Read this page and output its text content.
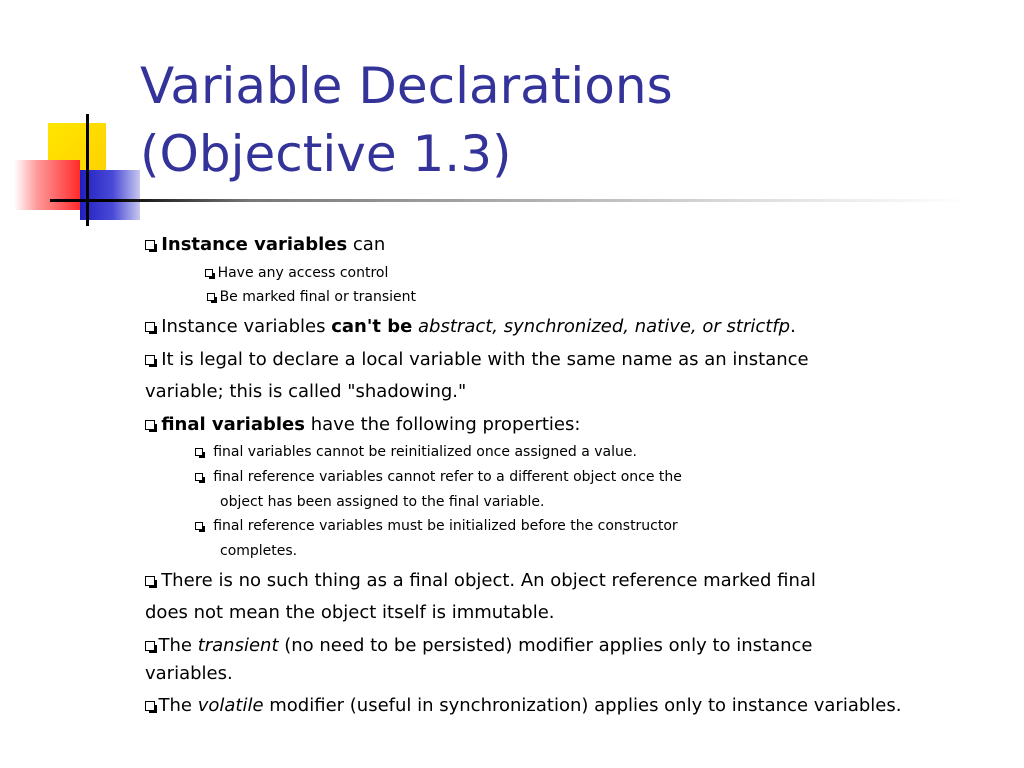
Variable Declarations
(Objective 1.3)
Instance variables can
Have any access control
Be marked final or transient
Instance variables can't be abstract, synchronized, native, or strictfp.
It is legal to declare a local variable with the same name as an instance
variable; this is called "shadowing."
final variables have the following properties:
final variables cannot be reinitialized once assigned a value.
final reference variables cannot refer to a different object once the
object has been assigned to the final variable.
final reference variables must be initialized before the constructor
completes.
There is no such thing as a final object. An object reference marked final
does not mean the object itself is immutable.
The transient (no need to be persisted) modifier applies only to instance
variables.
The volatile modifier (useful in synchronization) applies only to instance variables.
